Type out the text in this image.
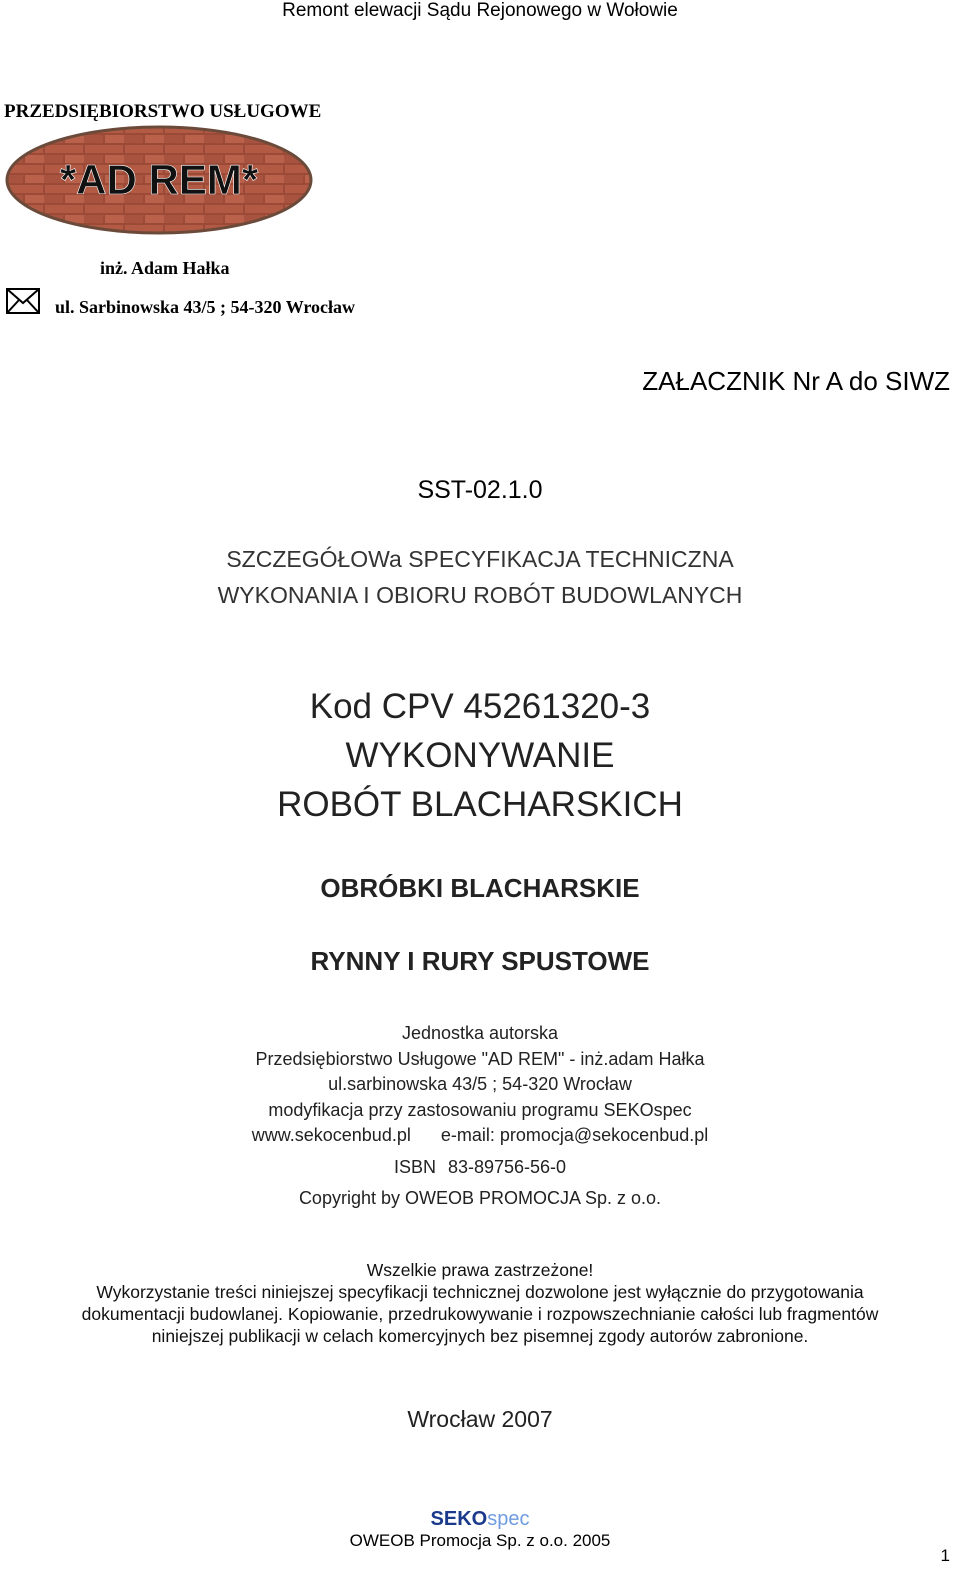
Remont elewacji Sądu Rejonowego w Wołowie
PRZEDSIĘBIORSTWO USŁUGOWE
*AD REM*
inż. Adam Hałka
ul. Sarbinowska 43/5 ; 54-320 Wrocław
ZAŁACZNIK Nr A do SIWZ
SST-02.1.0
SZCZEGÓŁOWa SPECYFIKACJA TECHNICZNA
WYKONANIA I OBIORU ROBÓT BUDOWLANYCH
Kod CPV 45261320-3
WYKONYWANIE
ROBÓT BLACHARSKICH
OBRÓBKI BLACHARSKIE
RYNNY I RURY SPUSTOWE
Jednostka autorska
Przedsiębiorstwo Usługowe "AD REM" - inż.adam Hałka
ul.sarbinowska 43/5 ; 54-320 Wrocław
modyfikacja przy zastosowaniu programu SEKOspec
www.sekocenbud.pl e-mail: promocja@sekocenbud.pl
ISBN 83-89756-56-0
Copyright by OWEOB PROMOCJA Sp. z o.o.
Wszelkie prawa zastrzeżone!
Wykorzystanie treści niniejszej specyfikacji technicznej dozwolone jest wyłącznie do przygotowania
dokumentacji budowlanej. Kopiowanie, przedrukowywanie i rozpowszechnianie całości lub fragmentów
niniejszej publikacji w celach komercyjnych bez pisemnej zgody autorów zabronione.
Wrocław 2007
SEKOspec
OWEOB Promocja Sp. z o.o. 2005
1
